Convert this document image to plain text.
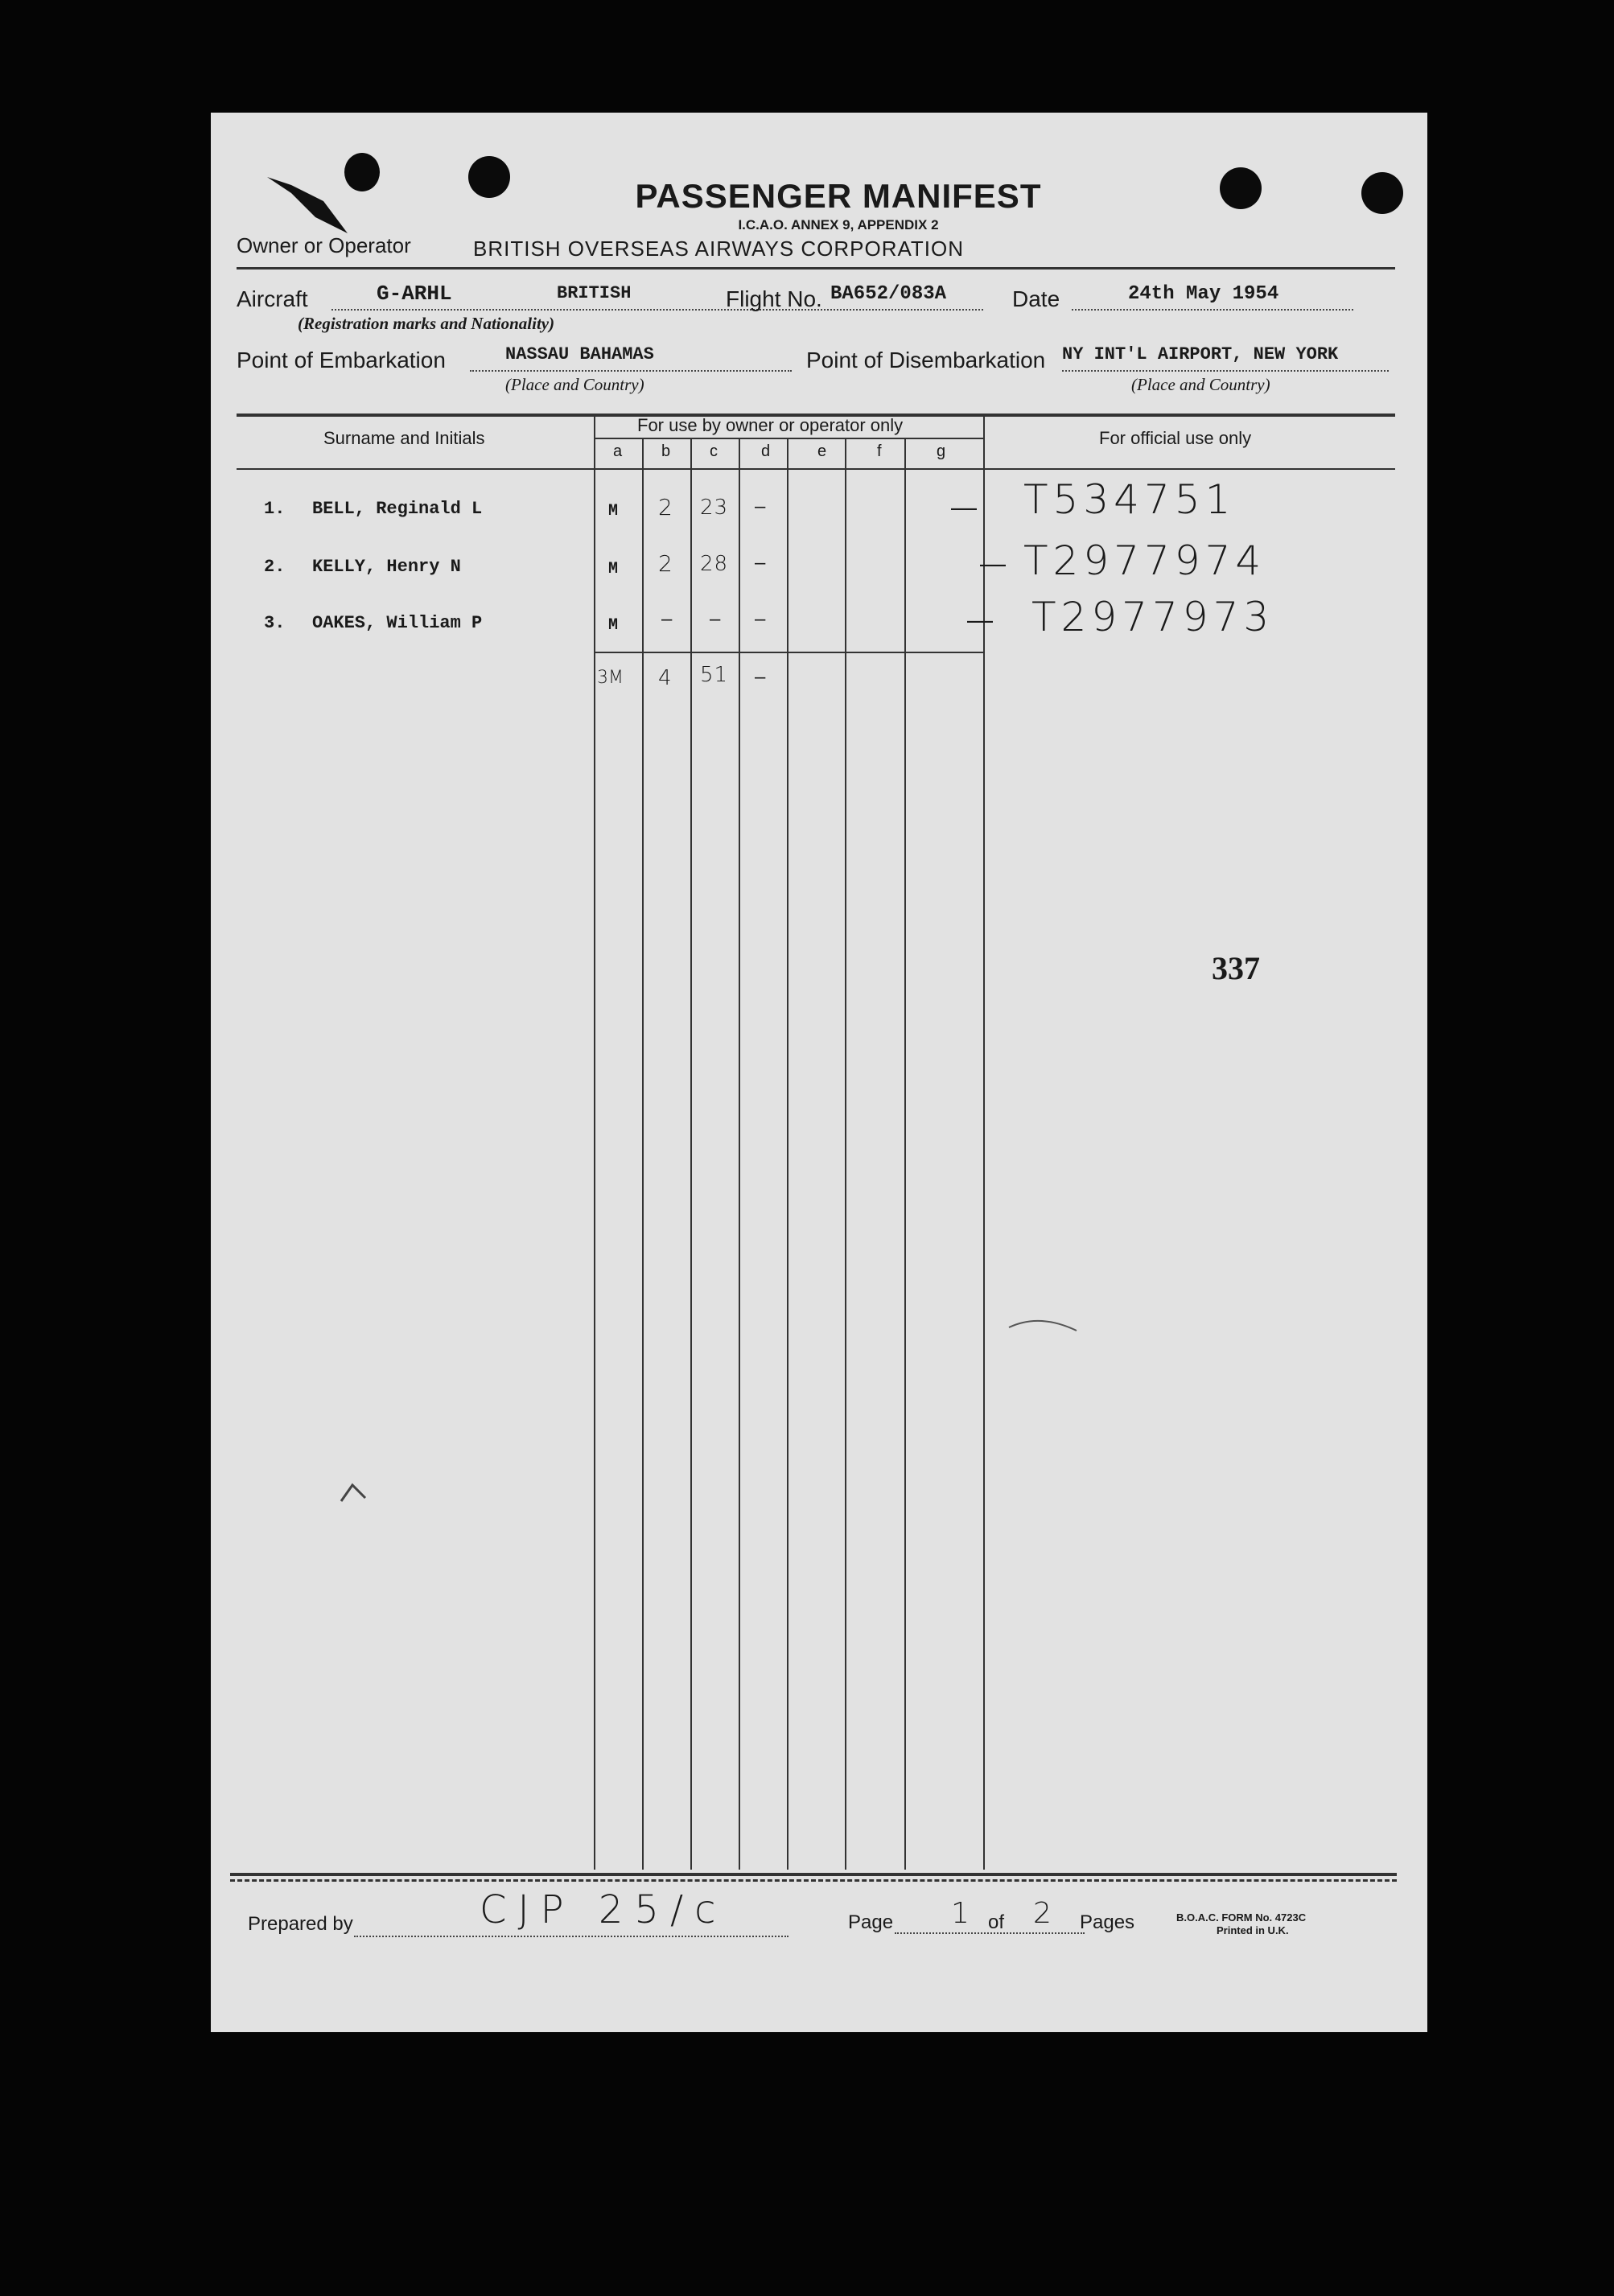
PASSENGER MANIFEST
I.C.A.O. ANNEX 9, APPENDIX 2
Owner or Operator	BRITISH OVERSEAS AIRWAYS CORPORATION
Aircraft	G-ARHL	BRITISH
(Registration marks and Nationality)
Flight No. BA652/083A	Date	24th May 1954
Point of Embarkation	NASSAU BAHAMAS
(Place and Country)
Point of Disembarkation NY INT'L AIRPORT, NEW YORK
(Place and Country)
Surname and Initials
For use by owner or operator only
For official use only
a b c	d	e	f	g
1. BELL, Reginald L	M 2 23 –	— T534751
2. KELLY, Henry N	M 2 28 –	— T2977974
3. OAKES, William P	M – – –	— T2977973
3M 4 51 –
337
Prepared by	CJP 25/c	Page 1 of 2 Pages	B.O.A.C. FORM No. 4723C
Printed in U.K.
